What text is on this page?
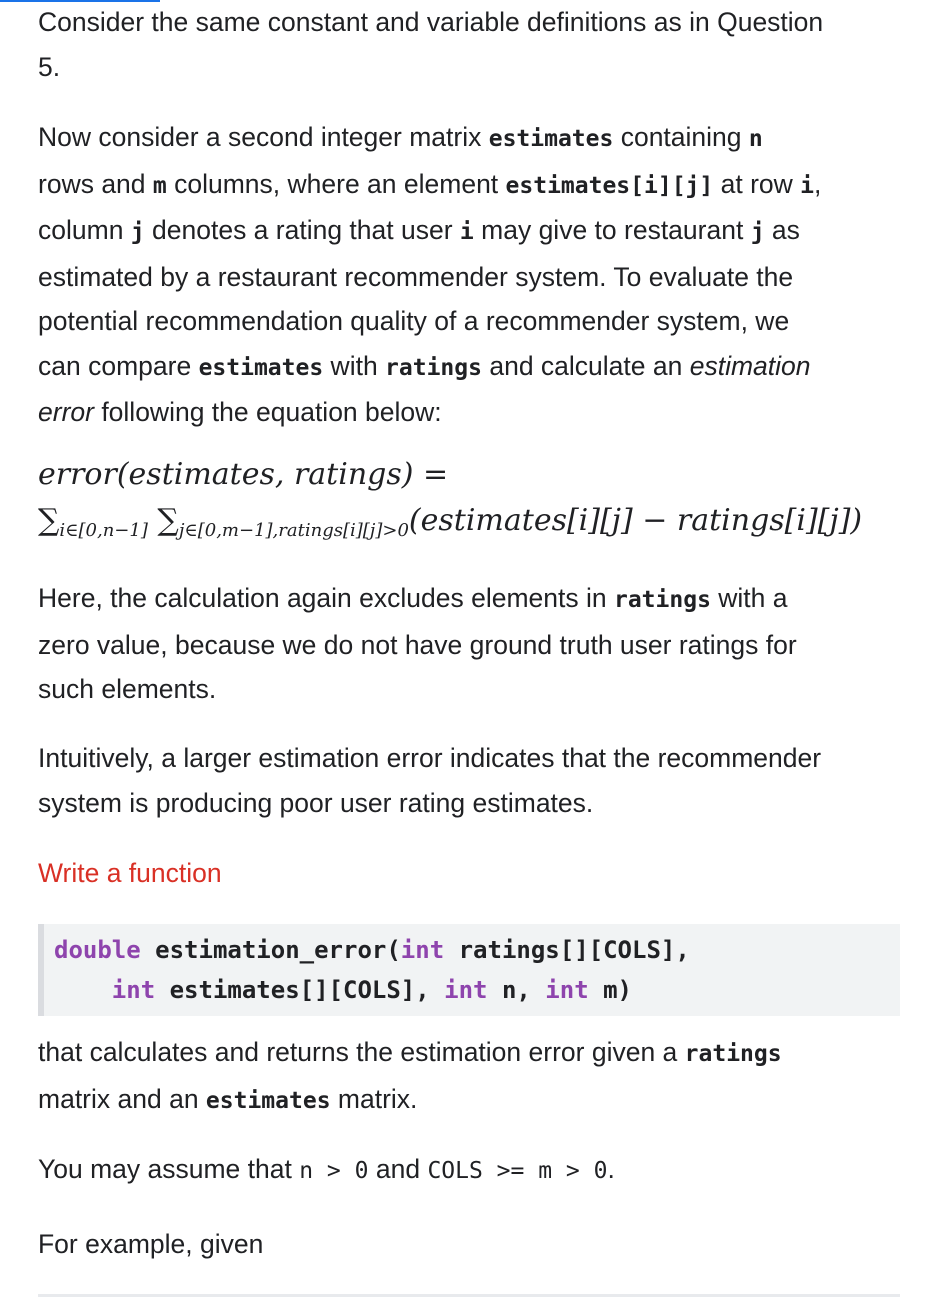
Consider the same constant and variable definitions as in Question

5.

Now consider a second integer matrix estimates containing n

rows and m columns, where an element estimates[i][j] at row i,

column j denotes a rating that user i may give to restaurant j as

estimated by a restaurant recommender system. To evaluate the

potential recommendation quality of a recommender system, we

can compare estimates with ratings and calculate an estimation

error following the equation below:

error(estimates, ratings) =
$\sum_{i\in[0,n-1]}$ $\sum_{j\in[0,m-1],ratings[i][j]>0}(estimates[i][j]$ − ratings[i][j])

Here, the calculation again excludes elements in ratings with a

zero value, because we do not have ground truth user ratings for

such elements.

Intuitively, a larger estimation error indicates that the recommender

system is producing poor user rating estimates.

Write a function

double estimation_error(int ratings[][COLS],
int estimates[][COLS], int n, int m)

that calculates and returns the estimation error given a ratings

matrix and an estimates matrix.

You may assume that n > 0 and COLS >= m > 0.

For example, given
